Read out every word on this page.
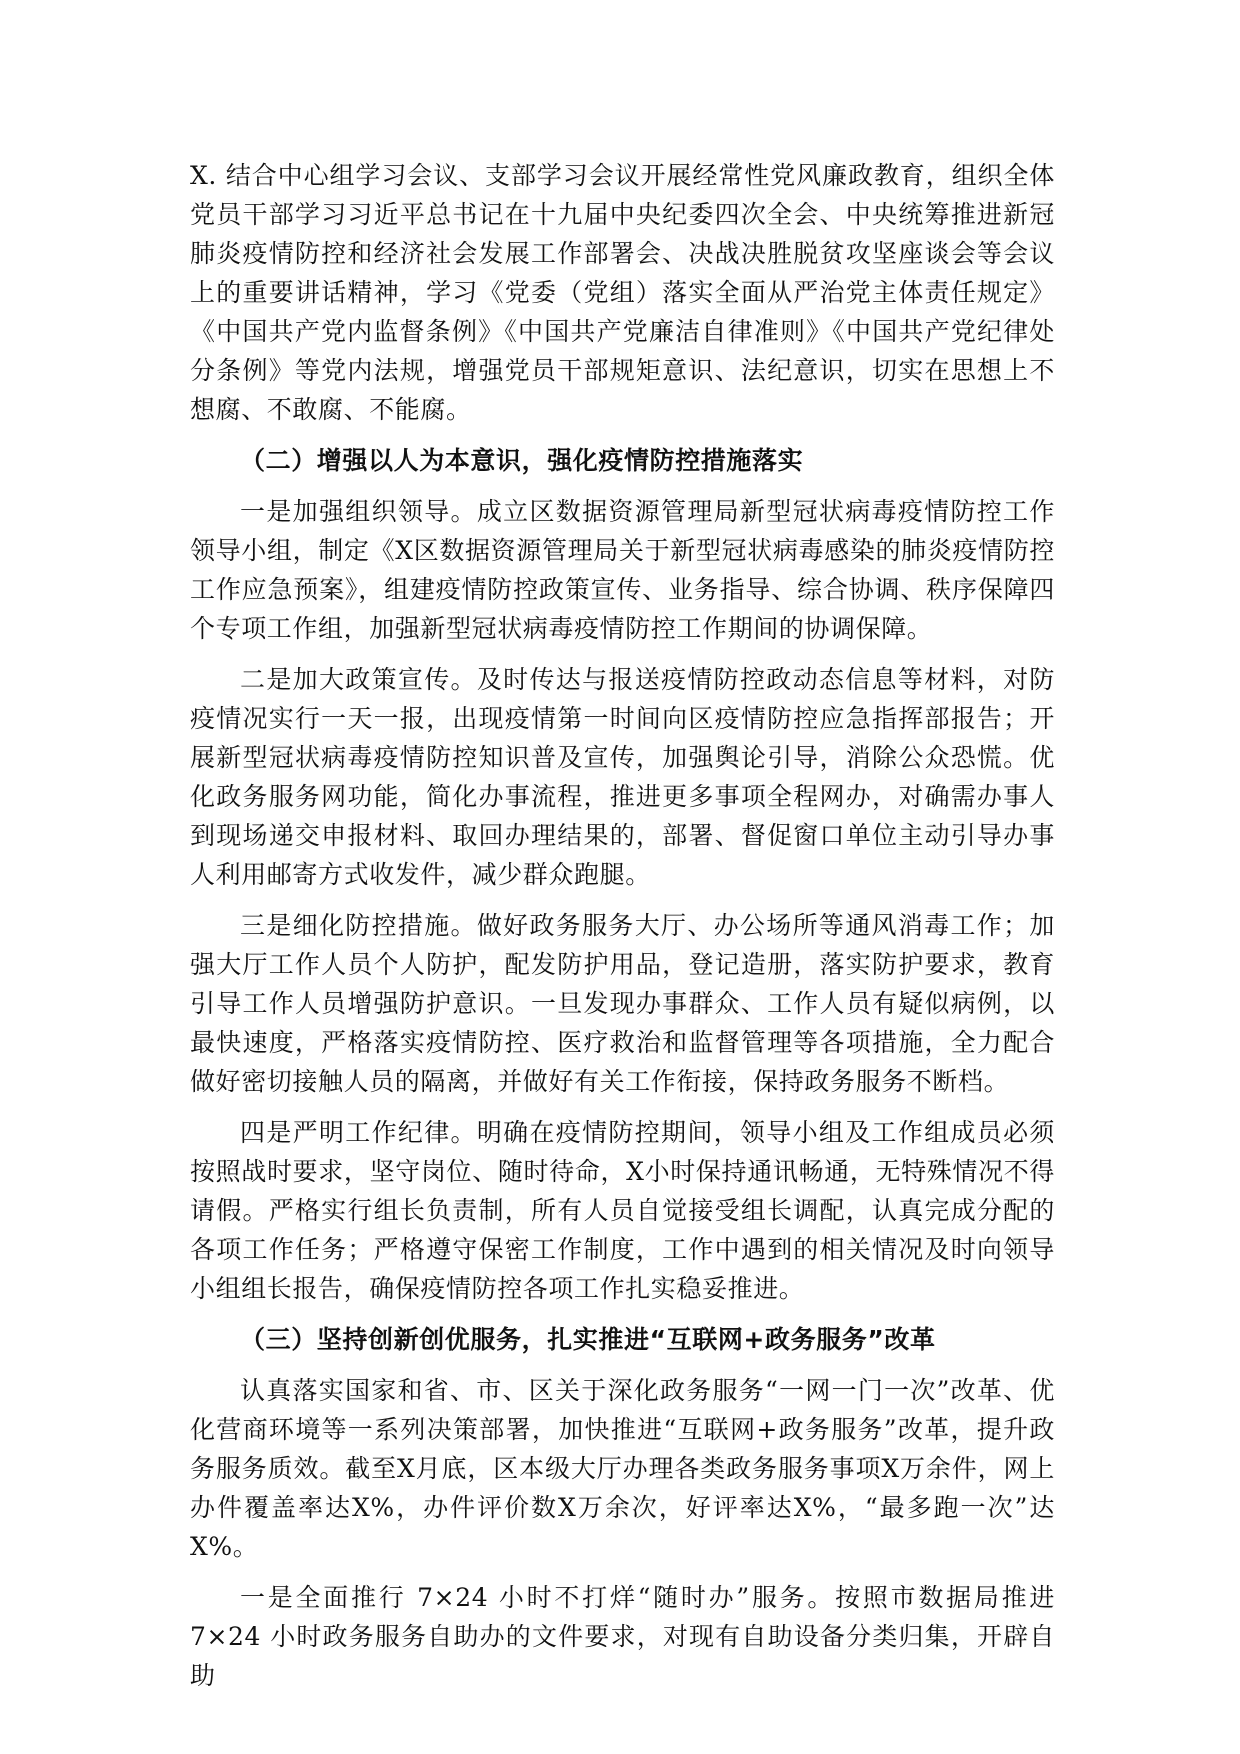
X. 结合中心组学习会议、支部学习会议开展经常性党风廉政教育，组织全体党员干部学习习近平总书记在十九届中央纪委四次全会、中央统筹推进新冠肺炎疫情防控和经济社会发展工作部署会、决战决胜脱贫攻坚座谈会等会议上的重要讲话精神，学习《党委（党组）落实全面从严治党主体责任规定》《中国共产党内监督条例》《中国共产党廉洁自律准则》《中国共产党纪律处分条例》等党内法规，增强党员干部规矩意识、法纪意识，切实在思想上不想腐、不敢腐、不能腐。

（二）增强以人为本意识，强化疫情防控措施落实

一是加强组织领导。成立区数据资源管理局新型冠状病毒疫情防控工作领导小组，制定《X区数据资源管理局关于新型冠状病毒感染的肺炎疫情防控工作应急预案》，组建疫情防控政策宣传、业务指导、综合协调、秩序保障四个专项工作组，加强新型冠状病毒疫情防控工作期间的协调保障。

二是加大政策宣传。及时传达与报送疫情防控政动态信息等材料，对防疫情况实行一天一报，出现疫情第一时间向区疫情防控应急指挥部报告；开展新型冠状病毒疫情防控知识普及宣传，加强舆论引导，消除公众恐慌。优化政务服务网功能，简化办事流程，推进更多事项全程网办，对确需办事人到现场递交申报材料、取回办理结果的，部署、督促窗口单位主动引导办事人利用邮寄方式收发件，减少群众跑腿。

三是细化防控措施。做好政务服务大厅、办公场所等通风消毒工作；加强大厅工作人员个人防护，配发防护用品，登记造册，落实防护要求，教育引导工作人员增强防护意识。一旦发现办事群众、工作人员有疑似病例，以最快速度，严格落实疫情防控、医疗救治和监督管理等各项措施，全力配合做好密切接触人员的隔离，并做好有关工作衔接，保持政务服务不断档。

四是严明工作纪律。明确在疫情防控期间，领导小组及工作组成员必须按照战时要求，坚守岗位、随时待命，X小时保持通讯畅通，无特殊情况不得请假。严格实行组长负责制，所有人员自觉接受组长调配，认真完成分配的各项工作任务；严格遵守保密工作制度，工作中遇到的相关情况及时向领导小组组长报告，确保疫情防控各项工作扎实稳妥推进。

（三）坚持创新创优服务，扎实推进“互联网+政务服务”改革

认真落实国家和省、市、区关于深化政务服务“一网一门一次”改革、优化营商环境等一系列决策部署，加快推进“互联网+政务服务”改革，提升政务服务质效。截至X月底，区本级大厅办理各类政务服务事项X万余件，网上办件覆盖率达X%，办件评价数X万余次，好评率达X%，“最多跑一次”达X%。

一是全面推行 7×24 小时不打烊“随时办”服务。按照市数据局推进7×24 小时政务服务自助办的文件要求，对现有自助设备分类归集，开辟自助
